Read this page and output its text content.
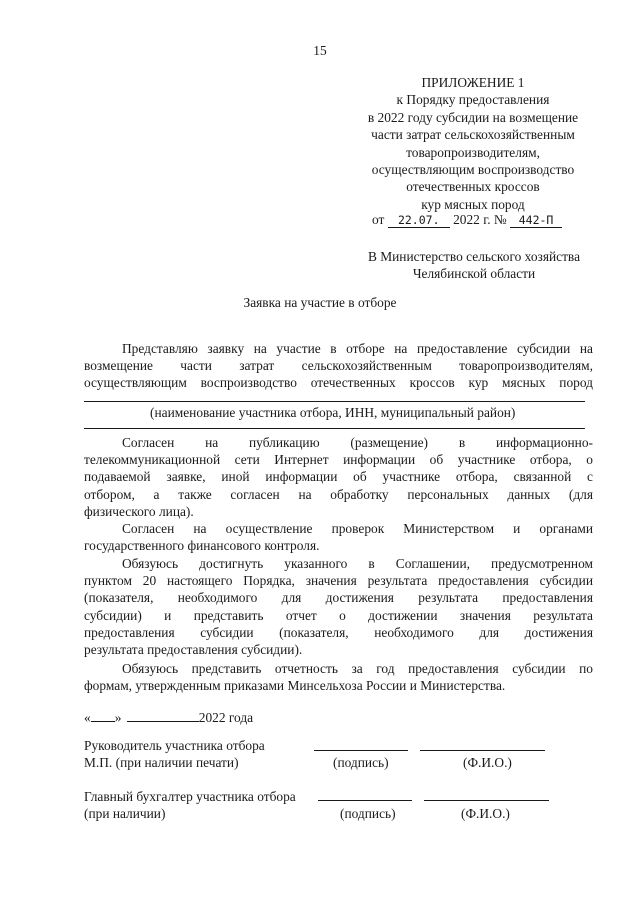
15
ПРИЛОЖЕНИЕ 1
к Порядку предоставления
в 2022 году субсидии на возмещение
части затрат сельскохозяйственным
товаропроизводителям,
осуществляющим воспроизводство
отечественных кроссов
кур мясных пород
от 22.07. 2022 г. № 442-П
В Министерство сельского хозяйства
Челябинской области
Заявка на участие в отборе
Представляю заявку на участие в отборе на предоставление субсидии на
возмещение части затрат сельскохозяйственным товаропроизводителям,
осуществляющим воспроизводство отечественных кроссов кур мясных пород
(наименование участника отбора, ИНН, муниципальный район)
Согласен на публикацию (размещение) в информационно-
телекоммуникационной сети Интернет информации об участнике отбора, о
подаваемой заявке, иной информации об участнике отбора, связанной с
отбором, а также согласен на обработку персональных данных (для
физического лица).
Согласен на осуществление проверок Министерством и органами
государственного финансового контроля.
Обязуюсь достигнуть указанного в Соглашении, предусмотренном
пунктом 20 настоящего Порядка, значения результата предоставления субсидии
(показателя, необходимого для достижения результата предоставления
субсидии) и представить отчет о достижении значения результата
предоставления субсидии (показателя, необходимого для достижения
результата предоставления субсидии).
Обязуюсь представить отчетность за год предоставления субсидии по
формам, утвержденным приказами Минсельхоза России и Министерства.
« »	2022 года
Руководитель участника отбора
М.П. (при наличии печати)	(подпись)	(Ф.И.О.)
Главный бухгалтер участника отбора
(при наличии)	(подпись)	(Ф.И.О.)
